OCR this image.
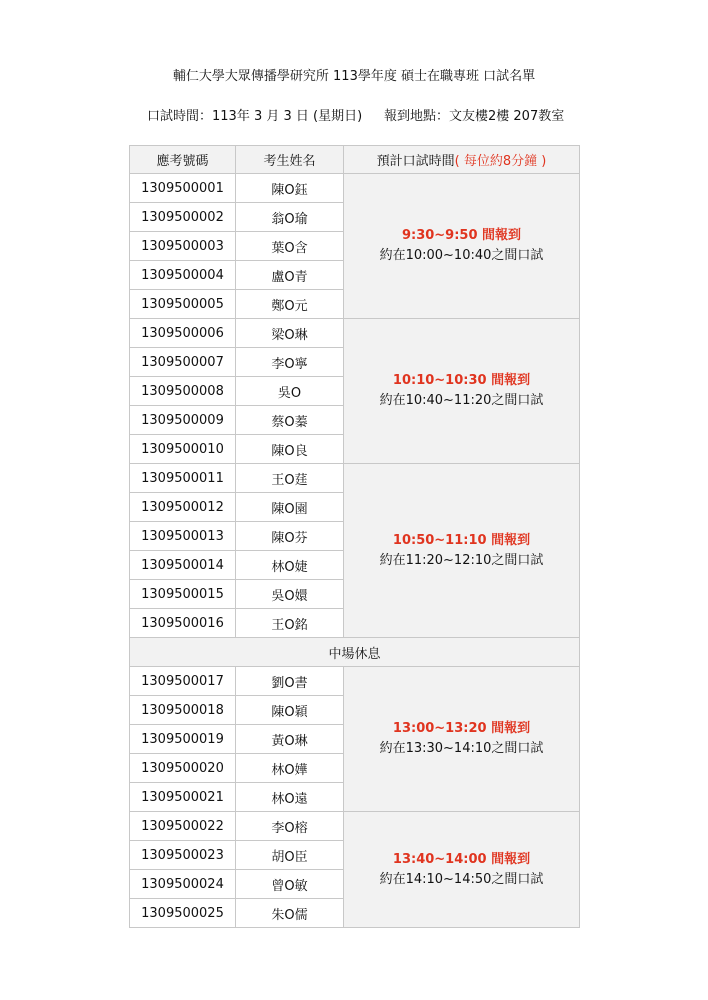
輔仁大學大眾傳播學研究所 113學年度 碩士在職專班 口試名單
口試時間：113年 3 月 3 日 (星期日) 報到地點：文友樓2樓 207教室
應考號碼	考生姓名	預計口試時間( 每位約8分鐘 )
1309500001	陳O鈺	9:30~9:50 間報到
約在10:00~10:40之間口試

1309500002	翁O瑜	
1309500003	葉O含	
1309500004	盧O青	
1309500005	鄭O元	
1309500006	梁O琳	10:10~10:30 間報到
約在10:40~11:20之間口試

1309500007	李O寧	
1309500008	吳O	
1309500009	蔡O蓁	
1309500010	陳O良	
1309500011	王O莛	10:50~11:10 間報到
約在11:20~12:10之間口試

1309500012	陳O園	
1309500013	陳O芬	
1309500014	林O婕	
1309500015	吳O嬛	
1309500016	王O銘	
中場休息		
1309500017	劉O書	13:00~13:20 間報到
約在13:30~14:10之間口試

1309500018	陳O穎	
1309500019	黃O琳	
1309500020	林O嬅	
1309500021	林O遠	
1309500022	李O榕	13:40~14:00 間報到
約在14:10~14:50之間口試

1309500023	胡O臣	
1309500024	曾O敏	
1309500025	朱O儒	
